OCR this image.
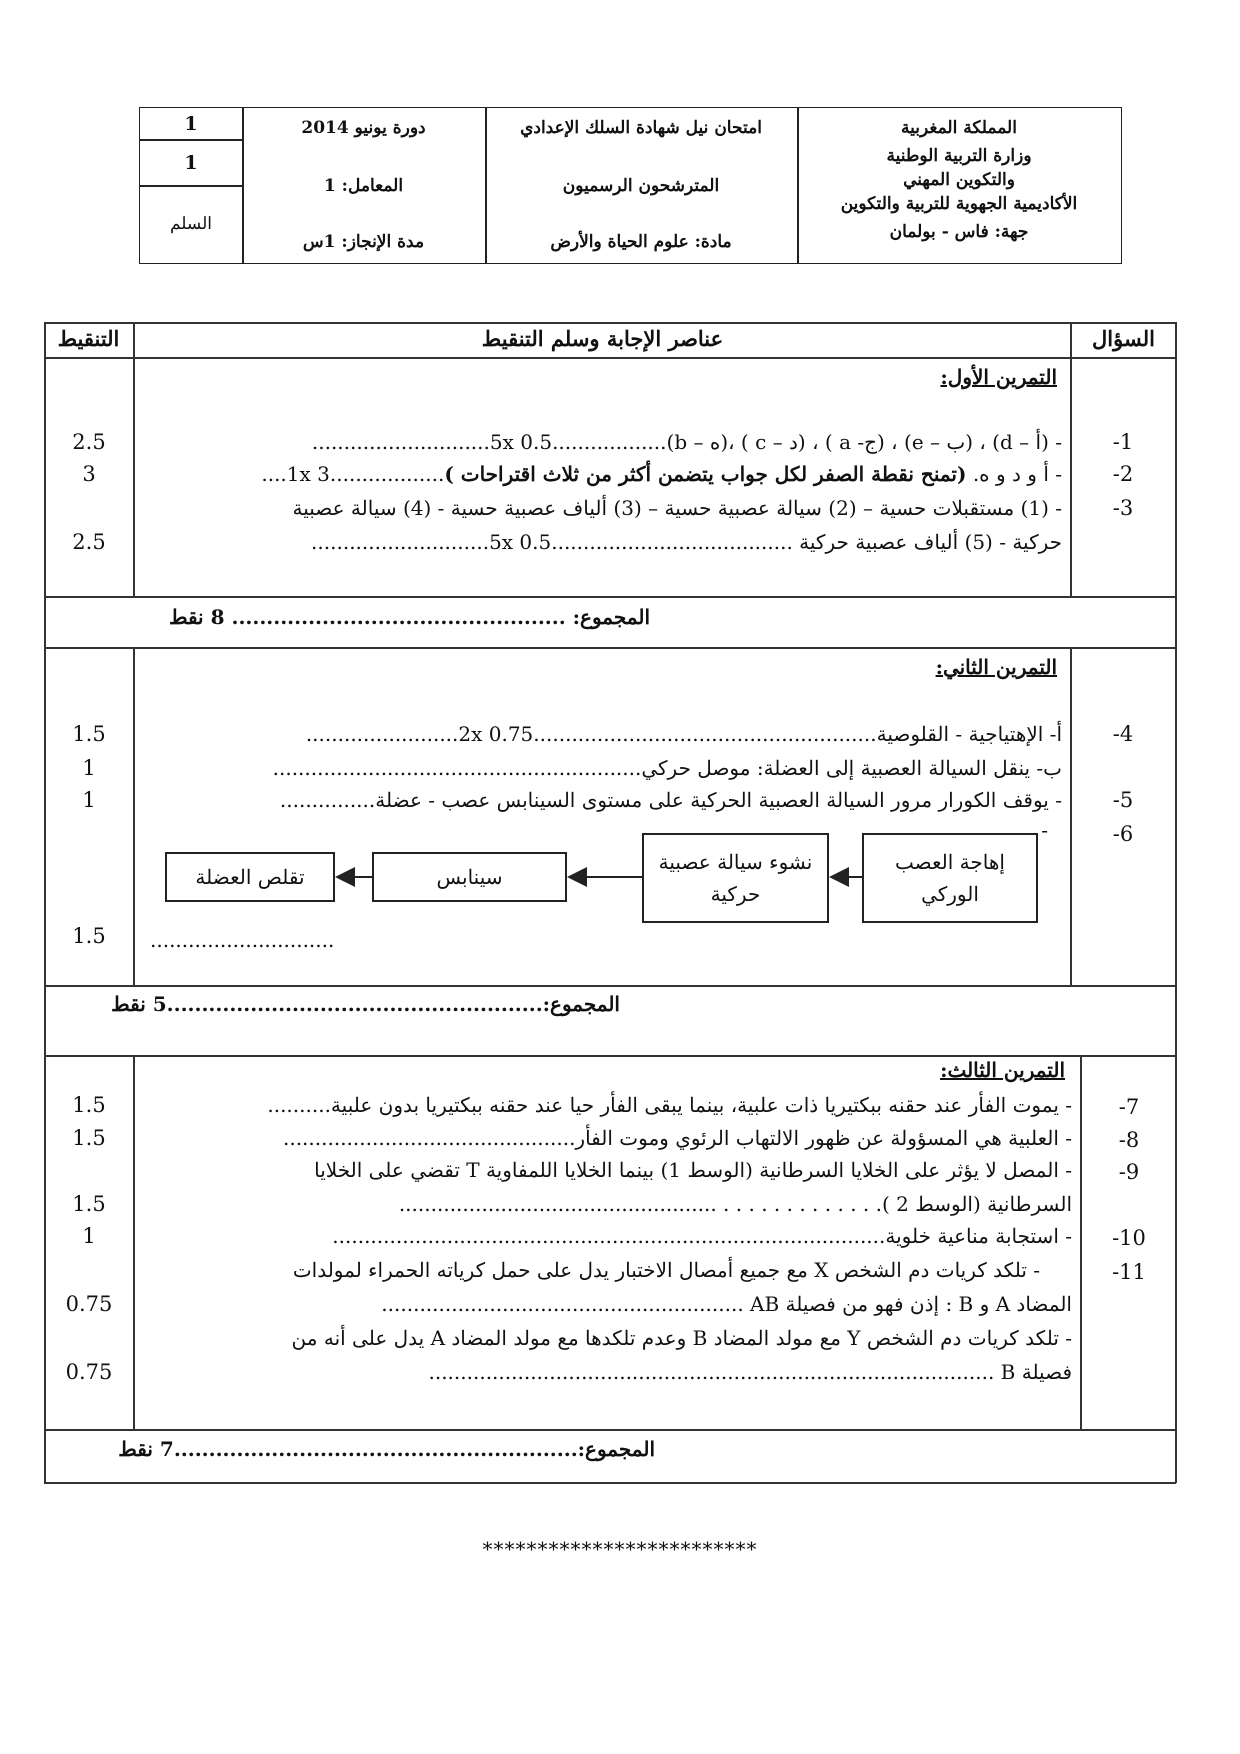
1
1
السلم
دورة يونيو 2014
المعامل: 1
مدة الإنجاز: 1س
امتحان نيل شهادة السلك الإعدادي
المترشحون الرسميون
مادة: علوم الحياة والأرض
المملكة المغربية
وزارة التربية الوطنية
والتكوين المهني
الأكاديمية الجهوية للتربية والتكوين
جهة: فاس - بولمان
السؤال
عناصر الإجابة وسلم التنقيط
التنقيط
التمرين الأول:
-1
- (أ – d) ، (ب – e) ، (ج- a ) ، (د – c ) ،(ه – b)..................5x 0.5............................
2.5
-2
- أ و د و ه. (تمنح نقطة الصفر لكل جواب يتضمن أكثر من ثلاث اقتراحات )..................1x 3....
3
-3
- (1) مستقبلات حسية – (2) سيالة عصبية حسية – (3) ألياف عصبية حسية - (4) سيالة عصبية
حركية - (5) ألياف عصبية حركية ......................................5x 0.5............................
2.5
المجموع: ................................................ 8 نقط
التمرين الثاني:
-4
أ- الإهتياجية - القلوصية......................................................2x 0.75........................
1.5
ب- ينقل السيالة العصبية إلى العضلة: موصل حركي..........................................................
1
-5
- يوقف الكورار مرور السيالة العصبية الحركية على مستوى السينابس عصب - عضلة...............
1
-6
-
إهاجة العصب الوركي
نشوء سيالة عصبية حركية
سينابس
تقلص العضلة
.............................
1.5
المجموع:......................................................5 نقط
التمرين الثالث:
-7
- يموت الفأر عند حقنه ببكتيريا ذات علبية، بينما يبقى الفأر حيا عند حقنه ببكتيريا بدون علبية..........
1.5
-8
- العلبية هي المسؤولة عن ظهور الالتهاب الرئوي وموت الفأر..............................................
1.5
-9
- المصل لا يؤثر على الخلايا السرطانية (الوسط 1) بينما الخلايا اللمفاوية T تقضي على الخلايا
السرطانية (الوسط 2 ). . . . . . . . . . . . . ..................................................
1.5
-10
- استجابة مناعية خلوية.......................................................................................
1
-11
- تلكد كريات دم الشخص X مع جميع أمصال الاختبار يدل على حمل كرياته الحمراء لمولدات
المضاد A و B : إذن فهو من فصيلة AB .........................................................
0.75
- تلكد كريات دم الشخص Y مع مولد المضاد B وعدم تلكدها مع مولد المضاد A يدل على أنه من
فصيلة B .........................................................................................
0.75
المجموع:..........................................................7 نقط
*************************
